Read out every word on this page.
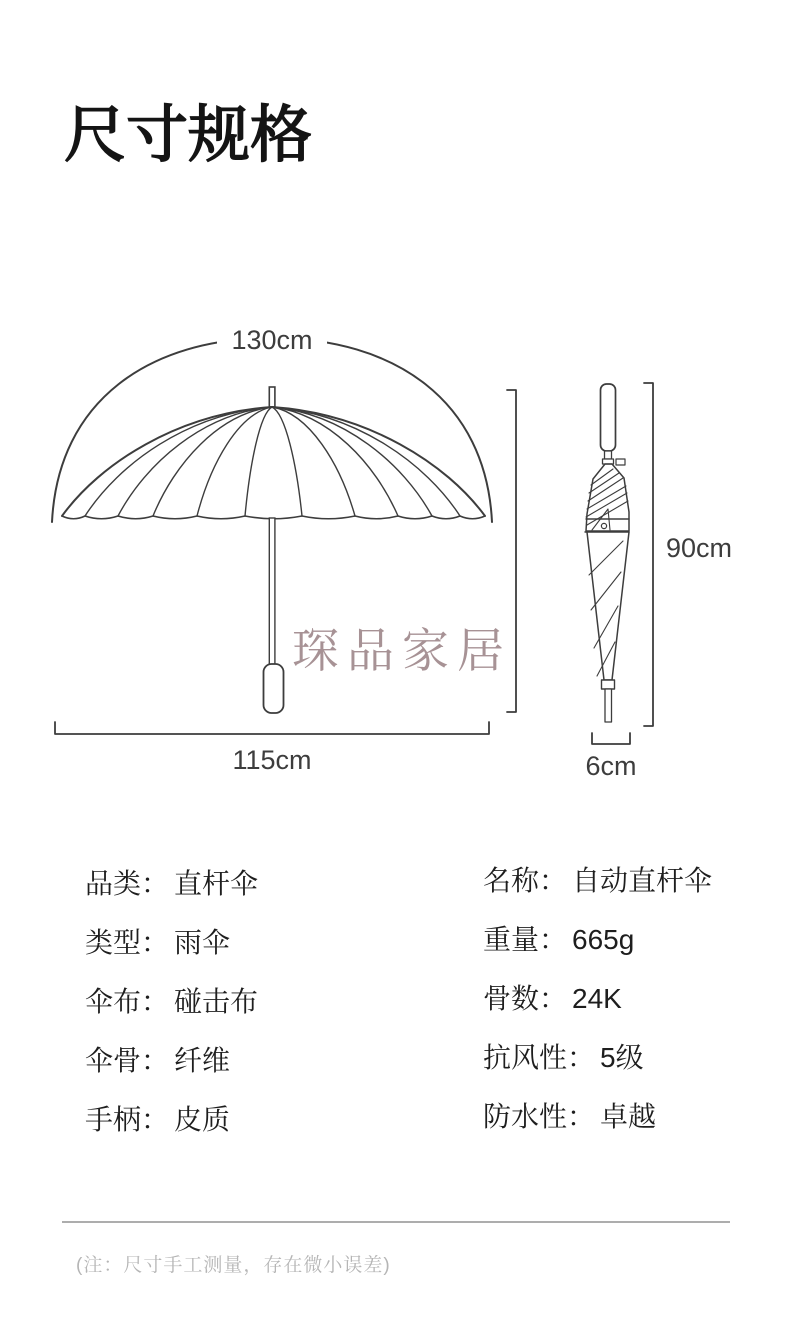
尺寸规格
130cm
115cm
琛品家居
90cm
6cm
品类： 直杆伞
类型： 雨伞
伞布： 碰击布
伞骨： 纤维
手柄： 皮质
名称： 自动直杆伞
重量： 665g
骨数： 24K
抗风性： 5级
防水性： 卓越
(注：尺寸手工测量，存在微小误差)
